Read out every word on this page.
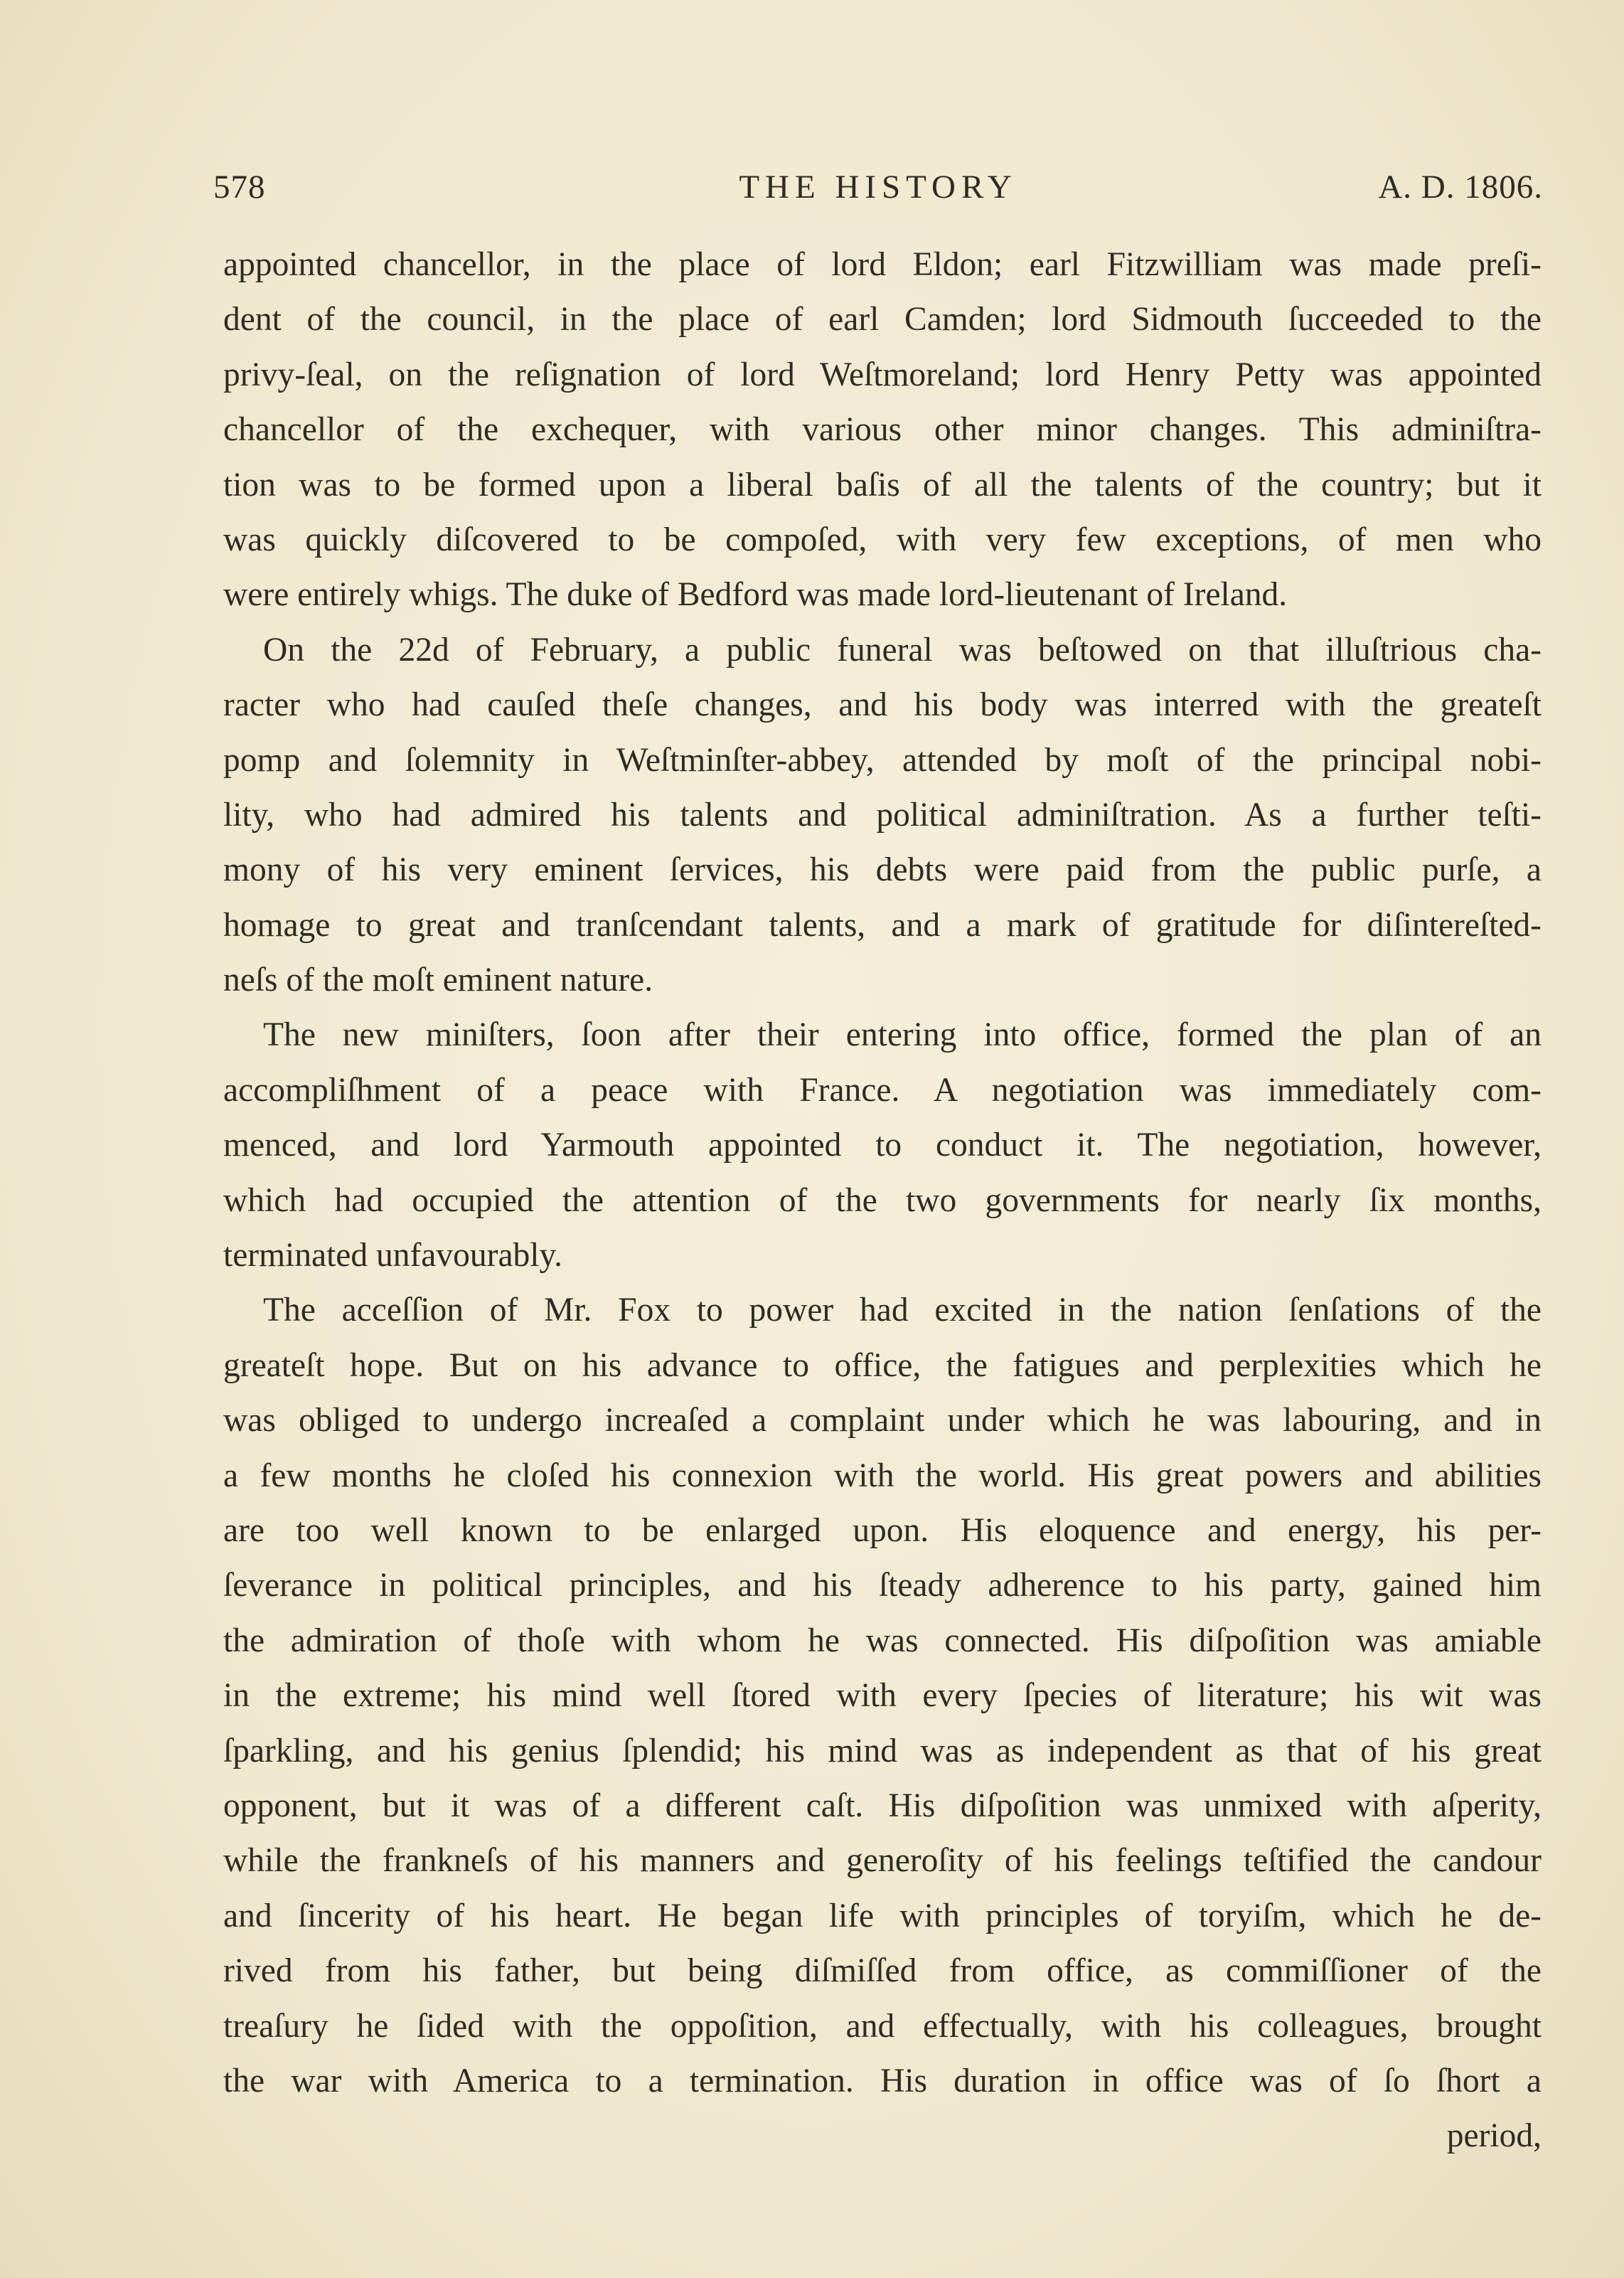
578	THE HISTORY	A. D. 1806.
appointed chancellor, in the place of lord Eldon; earl Fitzwilliam was made preſi-
dent of the council, in the place of earl Camden; lord Sidmouth ſucceeded to the
privy-ſeal, on the reſignation of lord Weſtmoreland; lord Henry Petty was appointed
chancellor of the exchequer, with various other minor changes. This adminiſtra-
tion was to be formed upon a liberal baſis of all the talents of the country; but it
was quickly diſcovered to be compoſed, with very few exceptions, of men who
were entirely whigs. The duke of Bedford was made lord-lieutenant of Ireland.
On the 22d of February, a public funeral was beſtowed on that illuſtrious cha-
racter who had cauſed theſe changes, and his body was interred with the greateſt
pomp and ſolemnity in Weſtminſter-abbey, attended by moſt of the principal nobi-
lity, who had admired his talents and political adminiſtration. As a further teſti-
mony of his very eminent ſervices, his debts were paid from the public purſe, a
homage to great and tranſcendant talents, and a mark of gratitude for diſintereſted-
neſs of the moſt eminent nature.
The new miniſters, ſoon after their entering into office, formed the plan of an
accompliſhment of a peace with France. A negotiation was immediately com-
menced, and lord Yarmouth appointed to conduct it. The negotiation, however,
which had occupied the attention of the two governments for nearly ſix months,
terminated unfavourably.
The acceſſion of Mr. Fox to power had excited in the nation ſenſations of the
greateſt hope. But on his advance to office, the fatigues and perplexities which he
was obliged to undergo increaſed a complaint under which he was labouring, and in
a few months he cloſed his connexion with the world. His great powers and abilities
are too well known to be enlarged upon. His eloquence and energy, his per-
ſeverance in political principles, and his ſteady adherence to his party, gained him
the admiration of thoſe with whom he was connected. His diſpoſition was amiable
in the extreme; his mind well ſtored with every ſpecies of literature; his wit was
ſparkling, and his genius ſplendid; his mind was as independent as that of his great
opponent, but it was of a different caſt. His diſpoſition was unmixed with aſperity,
while the frankneſs of his manners and generoſity of his feelings teſtified the candour
and ſincerity of his heart. He began life with principles of toryiſm, which he de-
rived from his father, but being diſmiſſed from office, as commiſſioner of the
treaſury he ſided with the oppoſition, and effectually, with his colleagues, brought
the war with America to a termination. His duration in office was of ſo ſhort a
period,
